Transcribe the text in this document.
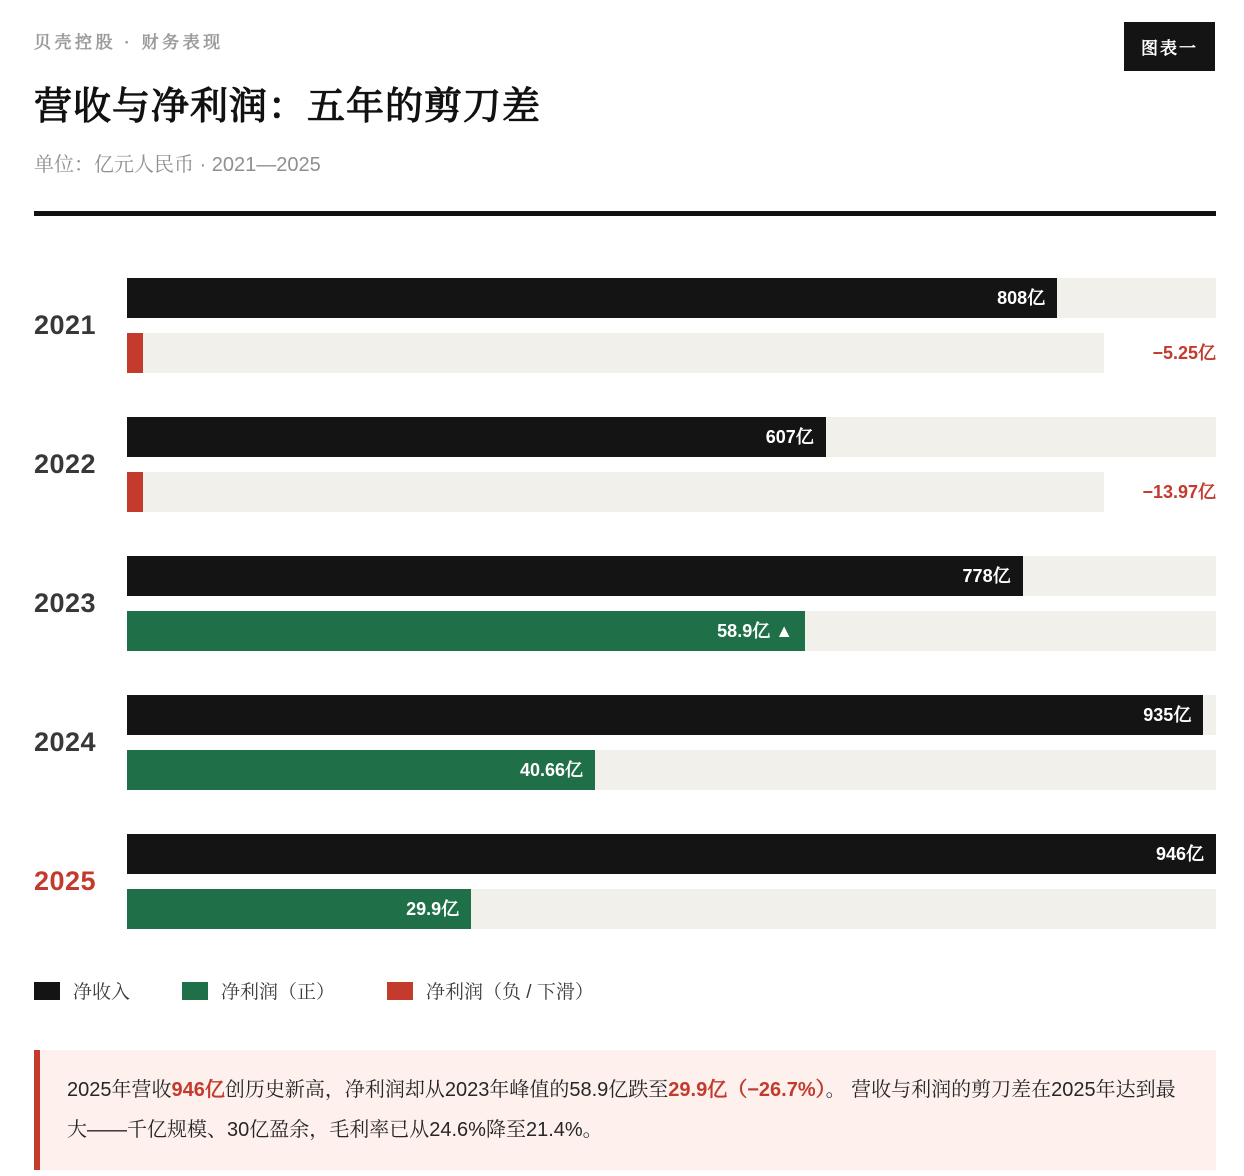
贝壳控股 · 财务表现	图表一
营收与净利润：五年的剪刀差
单位：亿元人民币 · 2021—2025
2021
808亿
−5.25亿
2022
607亿
−13.97亿
2023
778亿
58.9亿 ▲
2024
935亿
40.66亿
2025
946亿
29.9亿
净收入	净利润（正）	净利润（负 / 下滑）

2025年营收946亿创历史新高，净利润却从2023年峰值的58.9亿跌至29.9亿（−26.7%）。 营收与利润的剪刀差在2025年达到最大——千亿规模、30亿盈余，毛利率已从24.6%降至21.4%。
